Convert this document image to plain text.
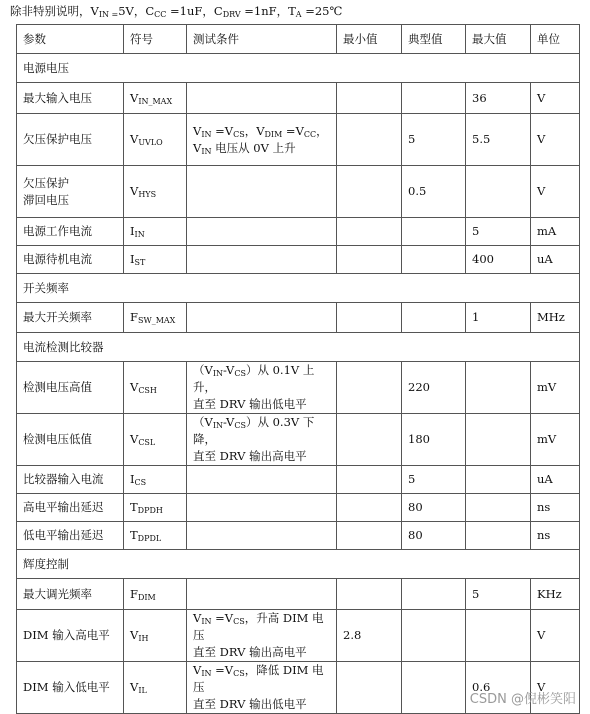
除非特别说明，$V_{IN =}5V$，$C_{CC} =1uF$，$C_{DRV} =1nF$，$T_A$ =25℃
参数	符号	测试条件	最小值	典型值	最大值	单位
电源电压						
最大输入电压	$V_{IN\_MAX}$				36	V
欠压保护电压	$V_{UVLO}$	$V_{IN} =V_{CS}$，$V_{DIM} =V_{CC}$，
$V_{IN}$ 电压从 0V 上升		5	5.5	V
欠压保护
滞回电压	$V_{HYS}$			0.5		V
电源工作电流	$I_{IN}$				5	mA
电源待机电流	$I_{ST}$				400	uA
开关频率						
最大开关频率	$F_{SW\_MAX}$				1	MHz
电流检测比较器						
检测电压高值	$V_{CSH}$	$(V_{IN}-V_{CS})$从 0.1V 上升，
直至 DRV 输出低电平		220		mV
检测电压低值	$V_{CSL}$	$(V_{IN}-V_{CS})$从 0.3V 下降，
直至 DRV 输出高电平		180		mV
比较器输入电流	$I_{CS}$			5		uA
高电平输出延迟	$T_{DPDH}$			80		ns
低电平输出延迟	$T_{DPDL}$			80		ns
辉度控制						
最大调光频率	$F_{DIM}$				5	KHz
DIM 输入高电平	$V_{IH}$	$V_{IN} =V_{CS}$，升高 DIM 电压
直至 DRV 输出高电平	2.8			V
DIM 输入低电平	$V_{IL}$	$V_{IN} =V_{CS}$，降低 DIM 电压
直至 DRV 输出低电平			0.6	V
CSDN @倪彬笑阳
